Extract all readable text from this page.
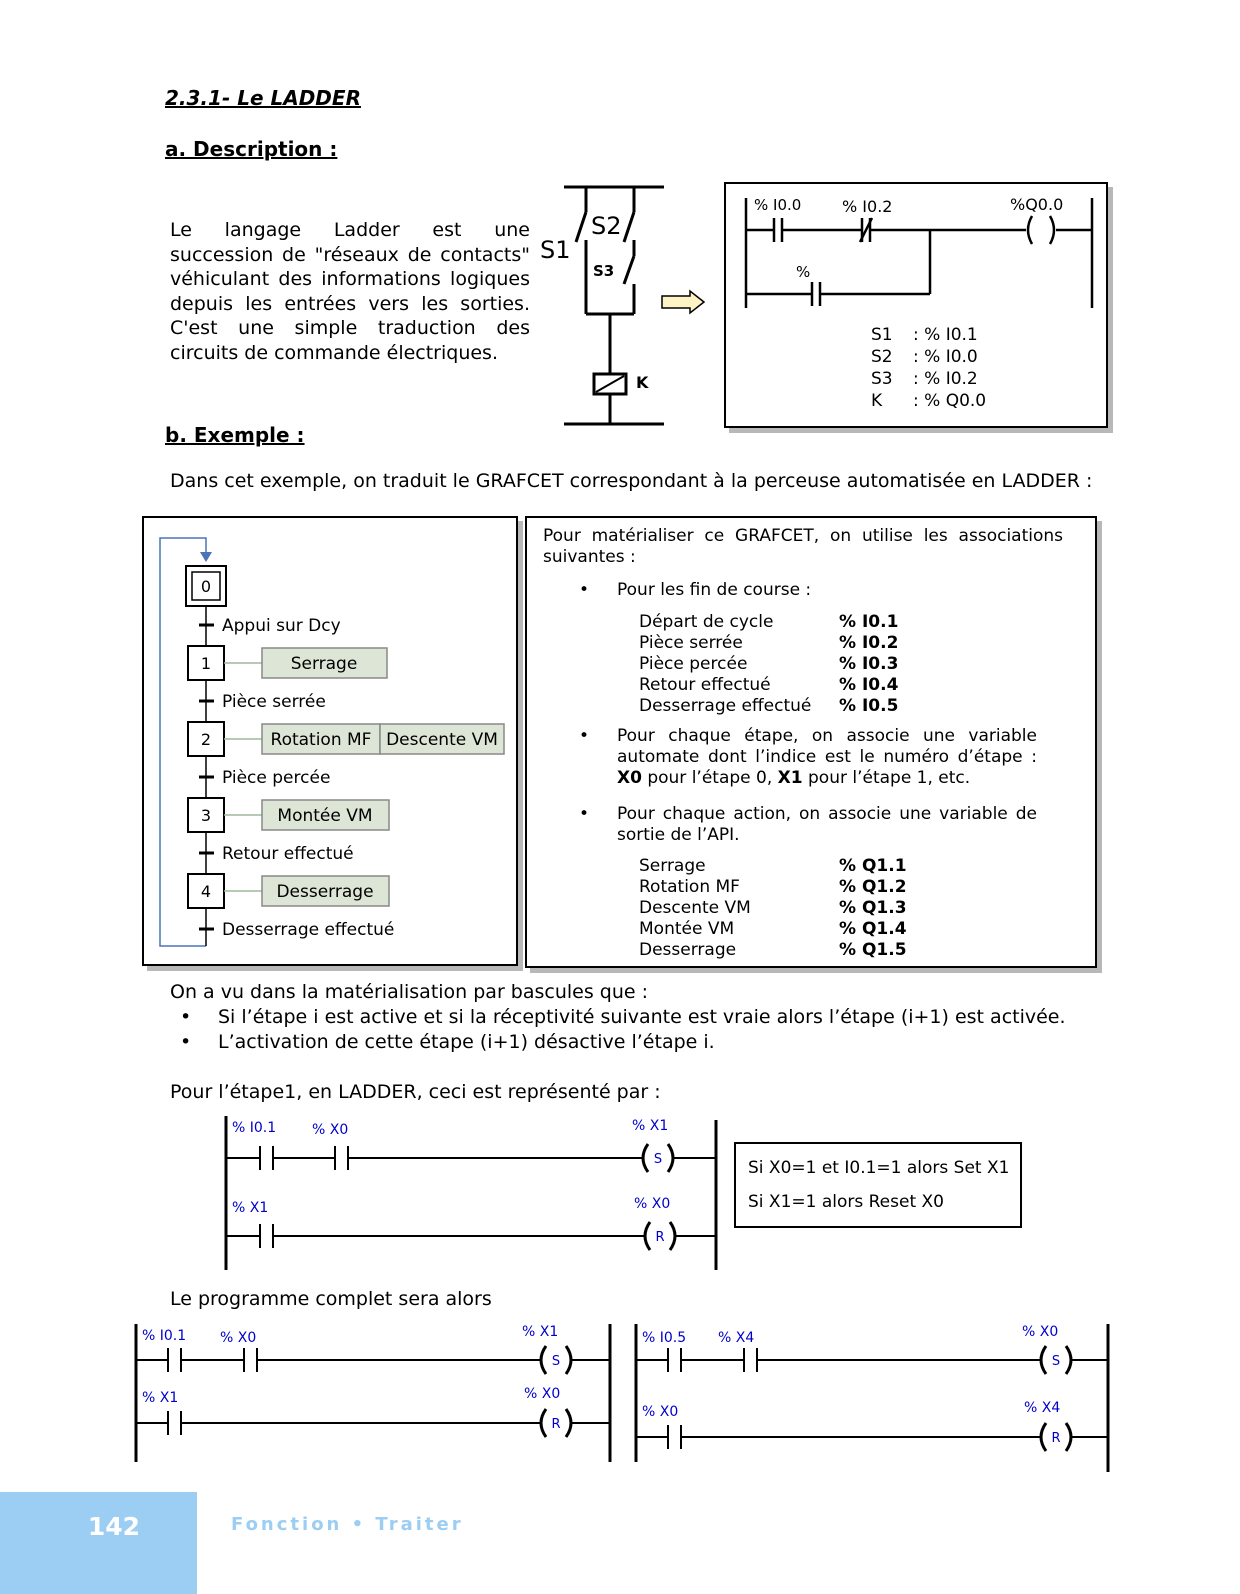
2.3.1- Le LADDER
a. Description :
Le langage Ladder est une succession de "réseaux de contacts" véhiculant des informations logiques depuis les entrées vers les sorties. C'est une simple traduction des circuits de commande électriques.
S1
S2
S3
K
% I0.0	% I0.2
%
%Q0.0
S1	: % I0.1
S2	: % I0.0
S3	: % I0.2
K	: % Q0.0
b. Exemple :
Dans cet exemple, on traduit le GRAFCET correspondant à la perceuse automatisée en LADDER :
0
1	Serrage
2	Rotation MF Descente VM
3	Montée VM
4	Desserrage
Appui sur Dcy
Pièce serrée
Pièce percée
Retour effectué
Desserrage effectué
Pour matérialiser ce GRAFCET, on utilise les associations suivantes :
• Pour les fin de course :
Départ de cycle	% I0.1
Pièce serrée	% I0.2
Pièce percée	% I0.3
Retour effectué	% I0.4
Desserrage effectué	% I0.5
• Pour chaque étape, on associe une variable automate dont l’indice est le numéro d’étape : X0 pour l’étape 0, X1 pour l’étape 1, etc.
• Pour chaque action, on associe une variable de sortie de l’API.
Serrage	% Q1.1
Rotation MF	% Q1.2
Descente VM	% Q1.3
Montée VM	% Q1.4
Desserrage	% Q1.5
On a vu dans la matérialisation par bascules que :
• Si l’étape i est active et si la réceptivité suivante est vraie alors l’étape (i+1) est activée.
• L’activation de cette étape (i+1) désactive l’étape i.
Pour l’étape1, en LADDER, ceci est représenté par :
% I0.1	% X0	% X1
S
% X1	% X0
R
Si X0=1 et I0.1=1 alors Set X1
Si X1=1 alors Reset X0
Le programme complet sera alors
% I0.1 % X0	% X1
S
% X1	% X0
R
% I0.5 % X4	% X0
S
% X0	% X4
R
142	Fonction • Traiter
